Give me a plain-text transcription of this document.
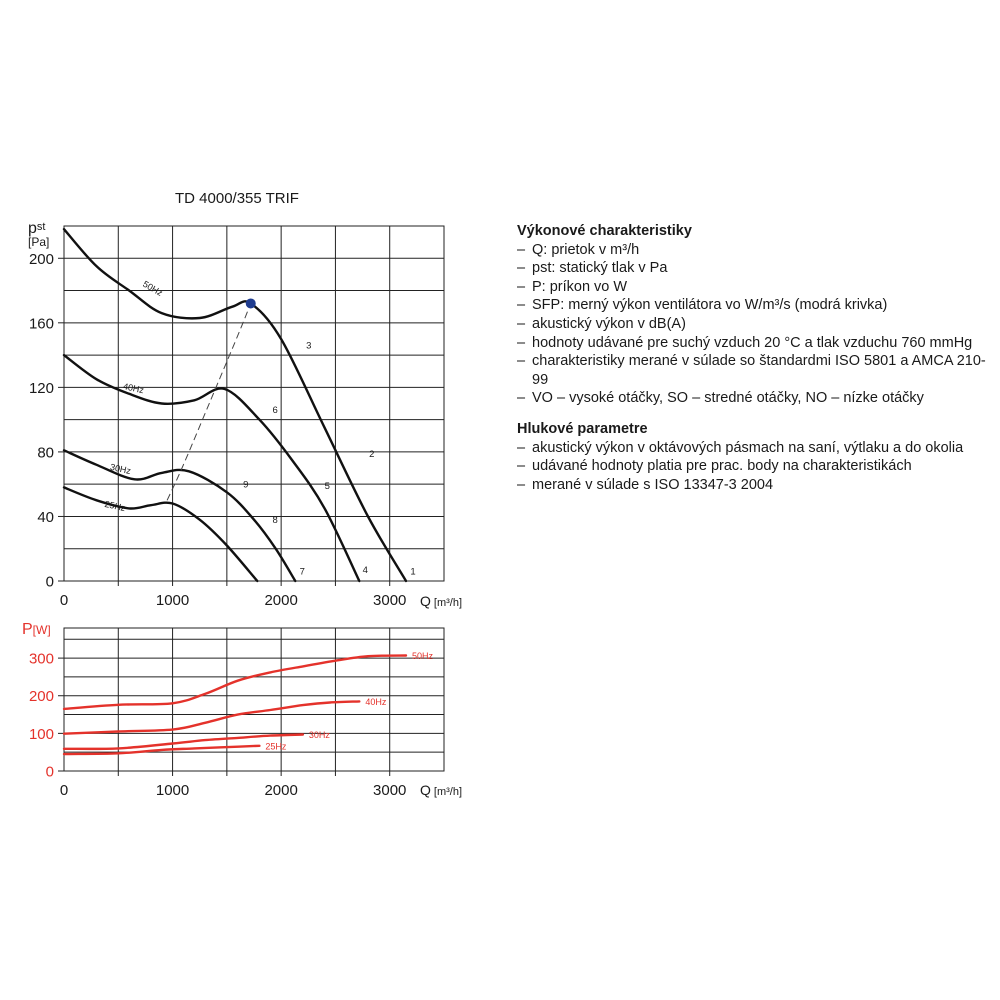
TD 4000/355 TRIF
0
40
80
120
160
200
0	1000	2000	3000
50Hz
40Hz
30Hz
25Hz
1
2
3
4
5
6
7
8
9
pst
[Pa]
Q [m³/h]
0
100
200
300
0	1000	2000	3000
50Hz
40Hz
30Hz
25Hz
P[W]
Q [m³/h]
Výkonové charakteristiky
– Q: prietok v m³/h
– pst: statický tlak v Pa
– P: príkon vo W
– SFP: merný výkon ventilátora vo W/m³/s (modrá krivka)
– akustický výkon v dB(A)
– hodnoty udávané pre suchý vzduch 20 °C a tlak vzduchu 760 mmHg
– charakteristiky merané v súlade so štandardmi ISO 5801 a AMCA 210-99
– VO – vysoké otáčky, SO – stredné otáčky, NO – nízke otáčky
Hlukové parametre
– akustický výkon v oktávových pásmach na saní, výtlaku a do okolia
– udávané hodnoty platia pre prac. body na charakteristikách
– merané v súlade s ISO 13347-3 2004
